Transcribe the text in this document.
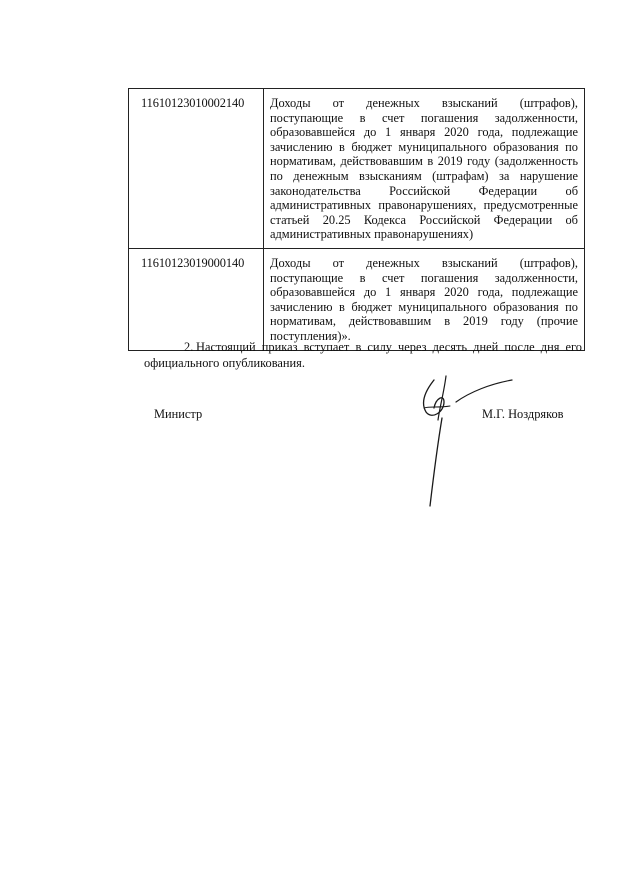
11610123010002140	Доходы от денежных взысканий (штрафов), поступающие в счет погашения задолженности, образовавшейся до 1 января 2020 года, подлежащие зачислению в бюджет муниципального образования по нормативам, действовавшим в 2019 году (задолженность по денежным взысканиям (штрафам) за нарушение законодательства Российской Федерации об административных правонарушениях, предусмотренные статьей 20.25 Кодекса Российской Федерации об административных правонарушениях)
11610123019000140	Доходы от денежных взысканий (штрафов), поступающие в счет погашения задолженности, образовавшейся до 1 января 2020 года, подлежащие зачислению в бюджет муниципального образования по нормативам, действовавшим в 2019 году (прочие поступления)».
2. Настоящий приказ вступает в силу через десять дней после дня его официального опубликования.
Министр	М.Г. Ноздряков
